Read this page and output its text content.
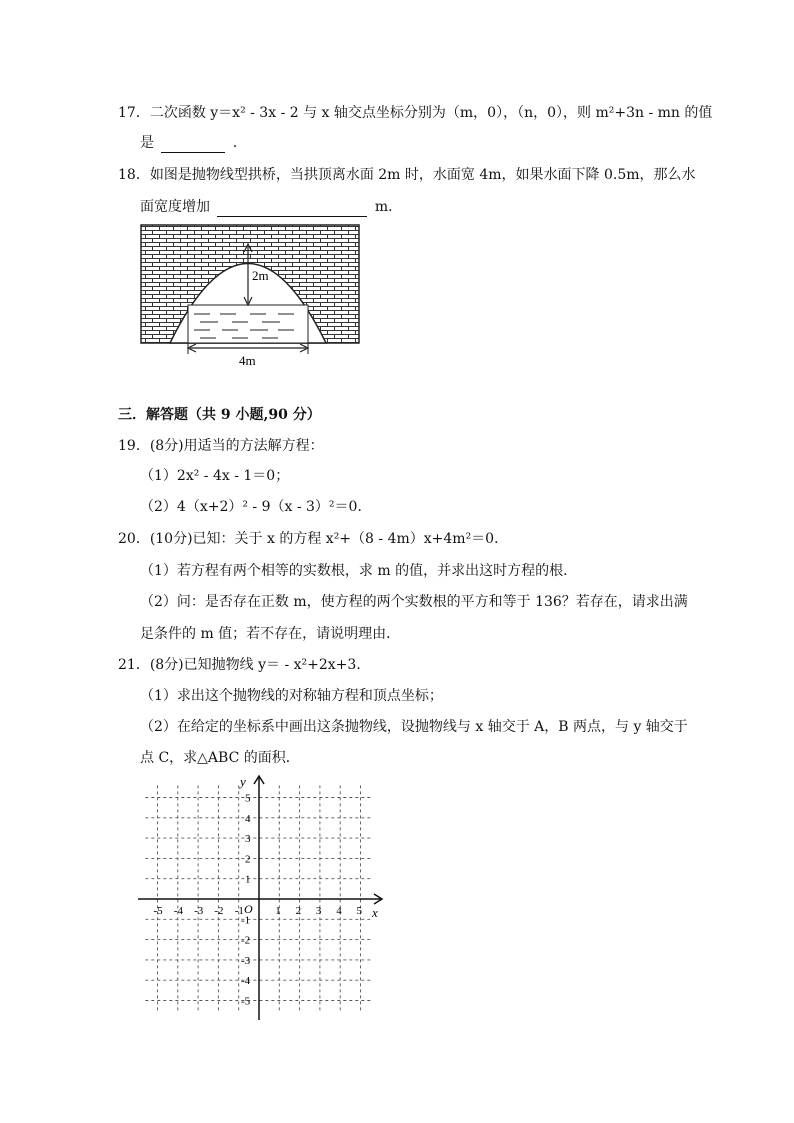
17．二次函数 y＝x² - 3x - 2 与 x 轴交点坐标分别为（m，0），（n，0），则 m²+3n - mn 的值
是	．
18．如图是抛物线型拱桥，当拱顶离水面 2m 时，水面宽 4m，如果水面下降 0.5m，那么水
面宽度增加	m．
2m
4m
三．解答题（共 9 小题,90 分）
19．(8分)用适当的方法解方程：
（1）2x² - 4x - 1＝0；
（2）4（x+2）² - 9（x - 3）²＝0．
20．(10分)已知：关于 x 的方程 x²+（8 - 4m）x+4m²＝0．
（1）若方程有两个相等的实数根，求 m 的值，并求出这时方程的根．
（2）问：是否存在正数 m，使方程的两个实数根的平方和等于 136？若存在，请求出满
足条件的 m 值；若不存在，请说明理由．
21．(8分)已知抛物线 y＝ - x²+2x+3．
（1）求出这个抛物线的对称轴方程和顶点坐标；
（2）在给定的坐标系中画出这条抛物线，设抛物线与 x 轴交于 A，B 两点，与 y 轴交于
点 C，求△ABC 的面积．
x
y
O
-5 -4 -3 -2 -1	1 2 3 4 5
5
4
3
2
1
-1
-2
-3
-4
-5
